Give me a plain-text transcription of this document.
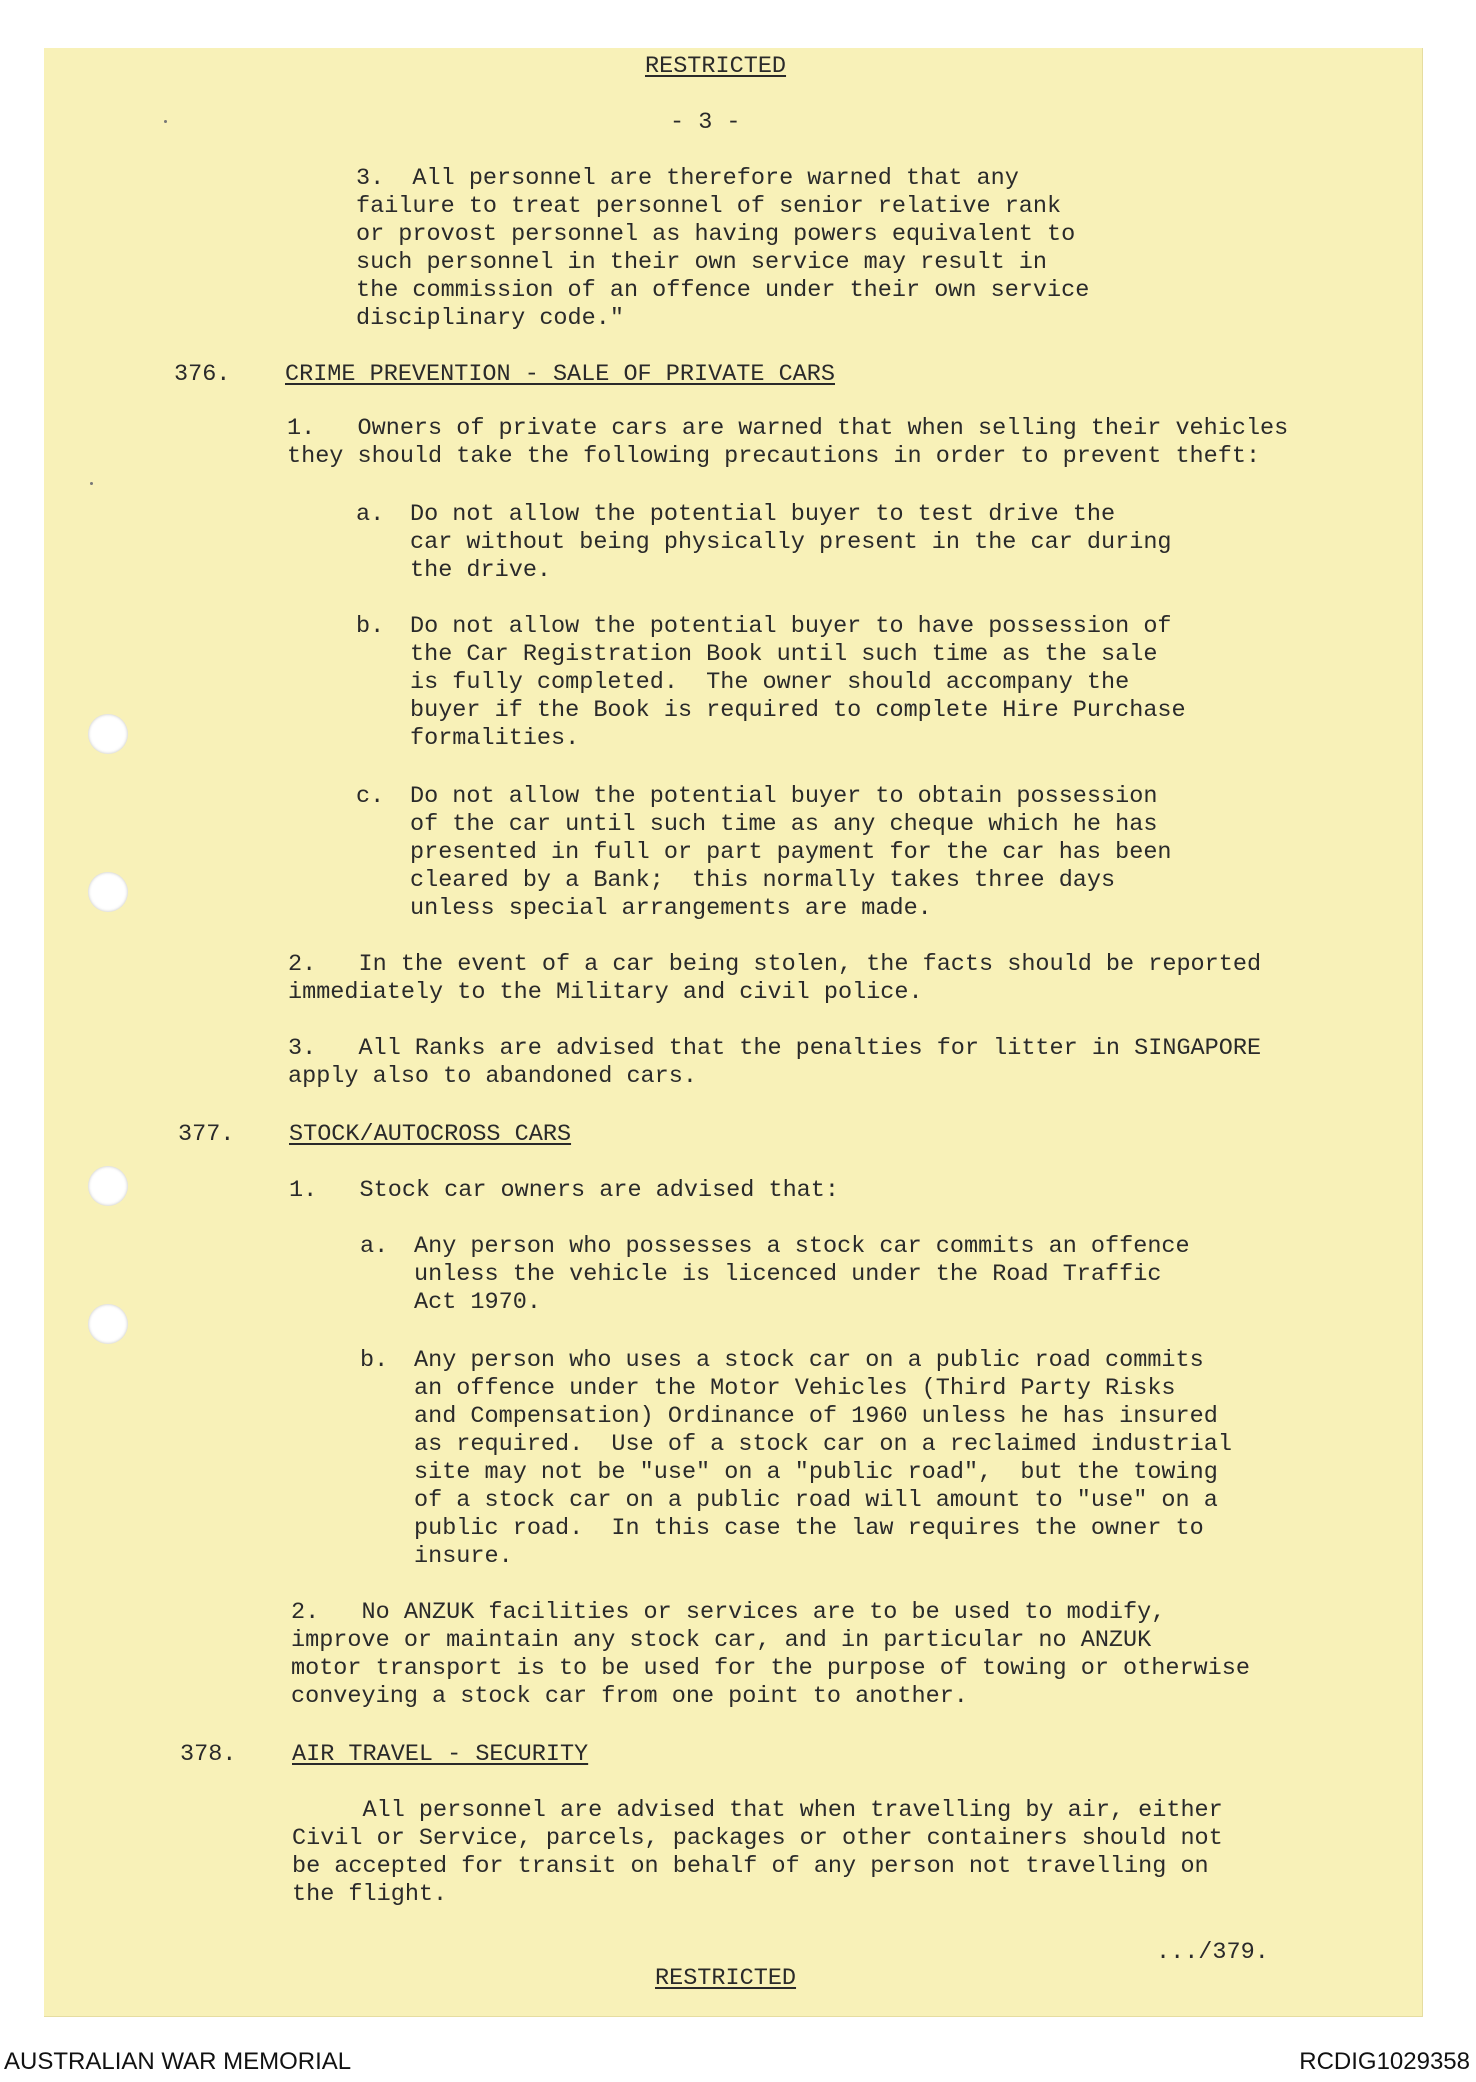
RESTRICTED
- 3 -
3.  All personnel are therefore warned that any
failure to treat personnel of senior relative rank
or provost personnel as having powers equivalent to
such personnel in their own service may result in
the commission of an offence under their own service
disciplinary code."
376. CRIME PREVENTION - SALE OF PRIVATE CARS
1.   Owners of private cars are warned that when selling their vehicles
they should take the following precautions in order to prevent theft:
a. Do not allow the potential buyer to test drive the
car without being physically present in the car during
the drive.
b. Do not allow the potential buyer to have possession of
the Car Registration Book until such time as the sale
is fully completed.  The owner should accompany the
buyer if the Book is required to complete Hire Purchase
formalities.
c. Do not allow the potential buyer to obtain possession
of the car until such time as any cheque which he has
presented in full or part payment for the car has been
cleared by a Bank;  this normally takes three days
unless special arrangements are made.
2.   In the event of a car being stolen, the facts should be reported
immediately to the Military and civil police.
3.   All Ranks are advised that the penalties for litter in SINGAPORE
apply also to abandoned cars.
377. STOCK/AUTOCROSS CARS
1.   Stock car owners are advised that:
a. Any person who possesses a stock car commits an offence
unless the vehicle is licenced under the Road Traffic
Act 1970.
b. Any person who uses a stock car on a public road commits
an offence under the Motor Vehicles (Third Party Risks
and Compensation) Ordinance of 1960 unless he has insured
as required.  Use of a stock car on a reclaimed industrial
site may not be "use" on a "public road",  but the towing
of a stock car on a public road will amount to "use" on a
public road.  In this case the law requires the owner to
insure.
2.   No ANZUK facilities or services are to be used to modify,
improve or maintain any stock car, and in particular no ANZUK
motor transport is to be used for the purpose of towing or otherwise
conveying a stock car from one point to another.
378. AIR TRAVEL - SECURITY
All personnel are advised that when travelling by air, either
Civil or Service, parcels, packages or other containers should not
be accepted for transit on behalf of any person not travelling on
the flight.
.../379.
RESTRICTED
AUSTRALIAN WAR MEMORIAL	RCDIG1029358
